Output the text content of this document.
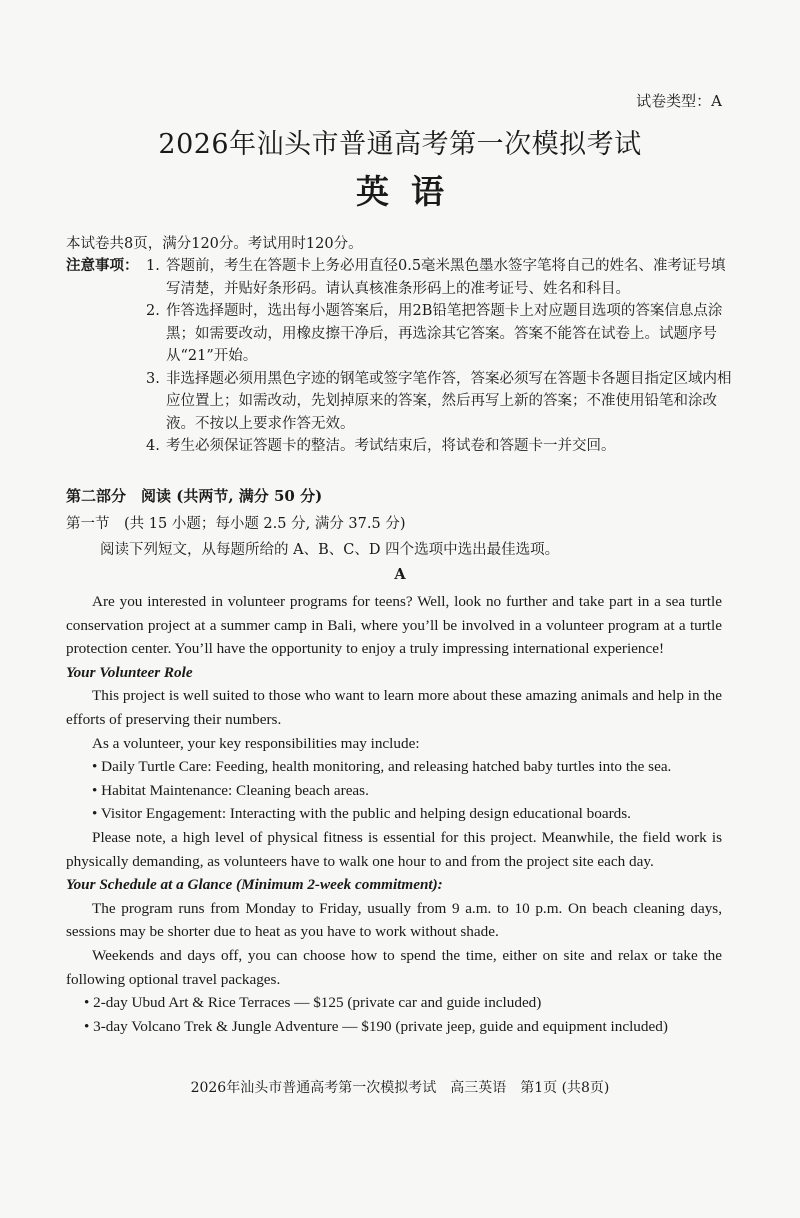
试卷类型：A
2026年汕头市普通高考第一次模拟考试
英语
本试卷共8页，满分120分。考试用时120分。
注意事项： 1. 答题前，考生在答题卡上务必用直径0.5毫米黑色墨水签字笔将自己的姓名、准考证号填写清楚，并贴好条形码。请认真核准条形码上的准考证号、姓名和科目。
2. 作答选择题时，选出每小题答案后，用2B铅笔把答题卡上对应题目选项的答案信息点涂黑；如需要改动，用橡皮擦干净后，再选涂其它答案。答案不能答在试卷上。试题序号从“21”开始。
3. 非选择题必须用黑色字迹的钢笔或签字笔作答，答案必须写在答题卡各题目指定区域内相应位置上；如需改动，先划掉原来的答案，然后再写上新的答案；不准使用铅笔和涂改液。不按以上要求作答无效。
4. 考生必须保证答题卡的整洁。考试结束后，将试卷和答题卡一并交回。
第二部分　阅读 (共两节, 满分 50 分)
第一节　(共 15 小题；每小题 2.5 分, 满分 37.5 分)
阅读下列短文，从每题所给的 A、B、C、D 四个选项中选出最佳选项。
A

Are you interested in volunteer programs for teens? Well, look no further and take part in a sea turtle conservation project at a summer camp in Bali, where you’ll be involved in a volunteer program at a turtle protection center. You’ll have the opportunity to enjoy a truly impressing international experience!

Your Volunteer Role

This project is well suited to those who want to learn more about these amazing animals and help in the efforts of preserving their numbers.

As a volunteer, your key responsibilities may include:

• Daily Turtle Care: Feeding, health monitoring, and releasing hatched baby turtles into the sea.

• Habitat Maintenance: Cleaning beach areas.

• Visitor Engagement: Interacting with the public and helping design educational boards.

Please note, a high level of physical fitness is essential for this project. Meanwhile, the field work is physically demanding, as volunteers have to walk one hour to and from the project site each day.

Your Schedule at a Glance (Minimum 2-week commitment):

The program runs from Monday to Friday, usually from 9 a.m. to 10 p.m. On beach cleaning days, sessions may be shorter due to heat as you have to work without shade.

Weekends and days off, you can choose how to spend the time, either on site and relax or take the following optional travel packages.

• 2-day Ubud Art & Rice Terraces — $125 (private car and guide included)

• 3-day Volcano Trek & Jungle Adventure — $190 (private jeep, guide and equipment included)

2026年汕头市普通高考第一次模拟考试　高三英语　第1页 (共8页)
